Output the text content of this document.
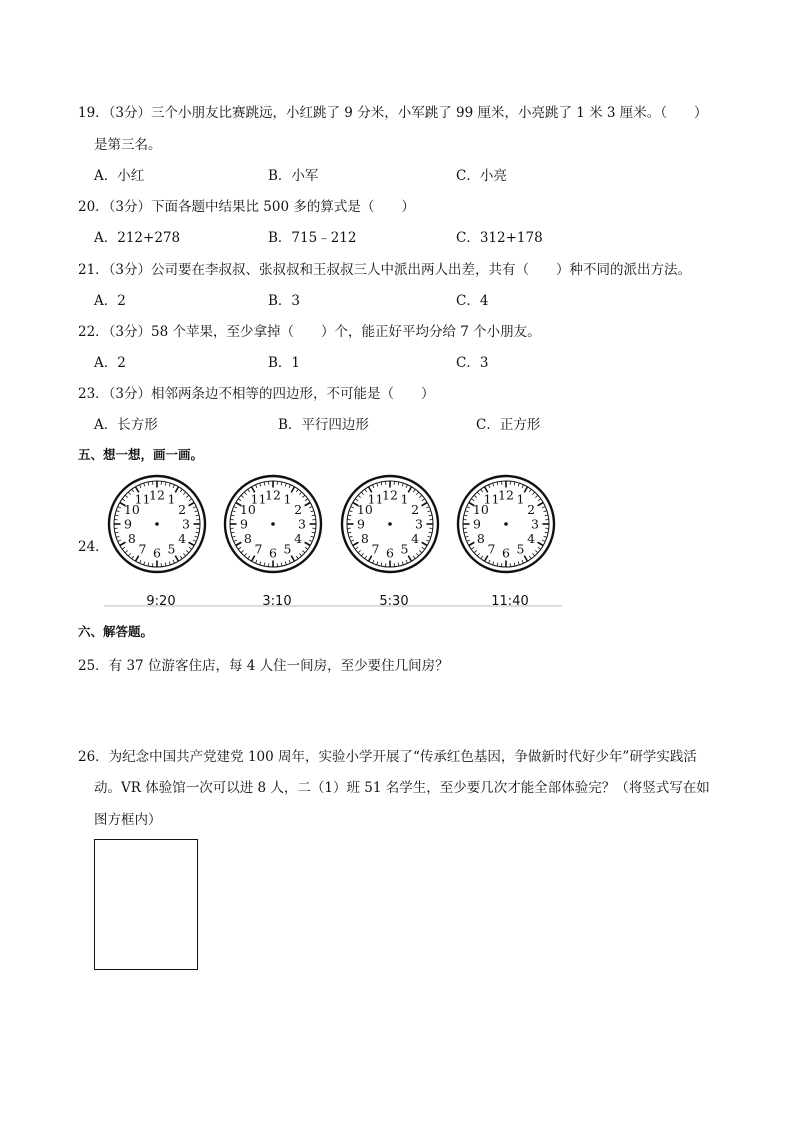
19．（3分）三个小朋友比赛跳远，小红跳了 9 分米，小军跳了 99 厘米，小亮跳了 1 米 3 厘米。（　　）
是第三名。
A．小红	B．小军	C．小亮
20．（3分）下面各题中结果比 500 多的算式是（　　）
A．212+278	B．715﹣212	C．312+178
21．（3分）公司要在李叔叔、张叔叔和王叔叔三人中派出两人出差，共有（　　）种不同的派出方法。
A．2	B．3	C．4
22．（3分）58 个苹果，至少拿掉（　　）个，能正好平均分给 7 个小朋友。
A．2	B．1	C．3
23．（3分）相邻两条边不相等的四边形，不可能是（　　）
A．长方形	B．平行四边形	C．正方形
五、想一想，画一画。
24．
12 1
2
3
4
5
6
7
8
9
10
11	12 1
2
3
4
5
6
7
8
9
10
11	12 1
2
3
4
5
6
7
8
9
10
11	12 1
2
3
4
5
6
7
8
9
10
11
9:20	3:10	5:30	11:40
六、解答题。
25．有 37 位游客住店，每 4 人住一间房，至少要住几间房？
26．为纪念中国共产党建党 100 周年，实验小学开展了“传承红色基因，争做新时代好少年”研学实践活
动。VR 体验馆一次可以进 8 人，二（1）班 51 名学生，至少要几次才能全部体验完？（将竖式写在如
图方框内）
